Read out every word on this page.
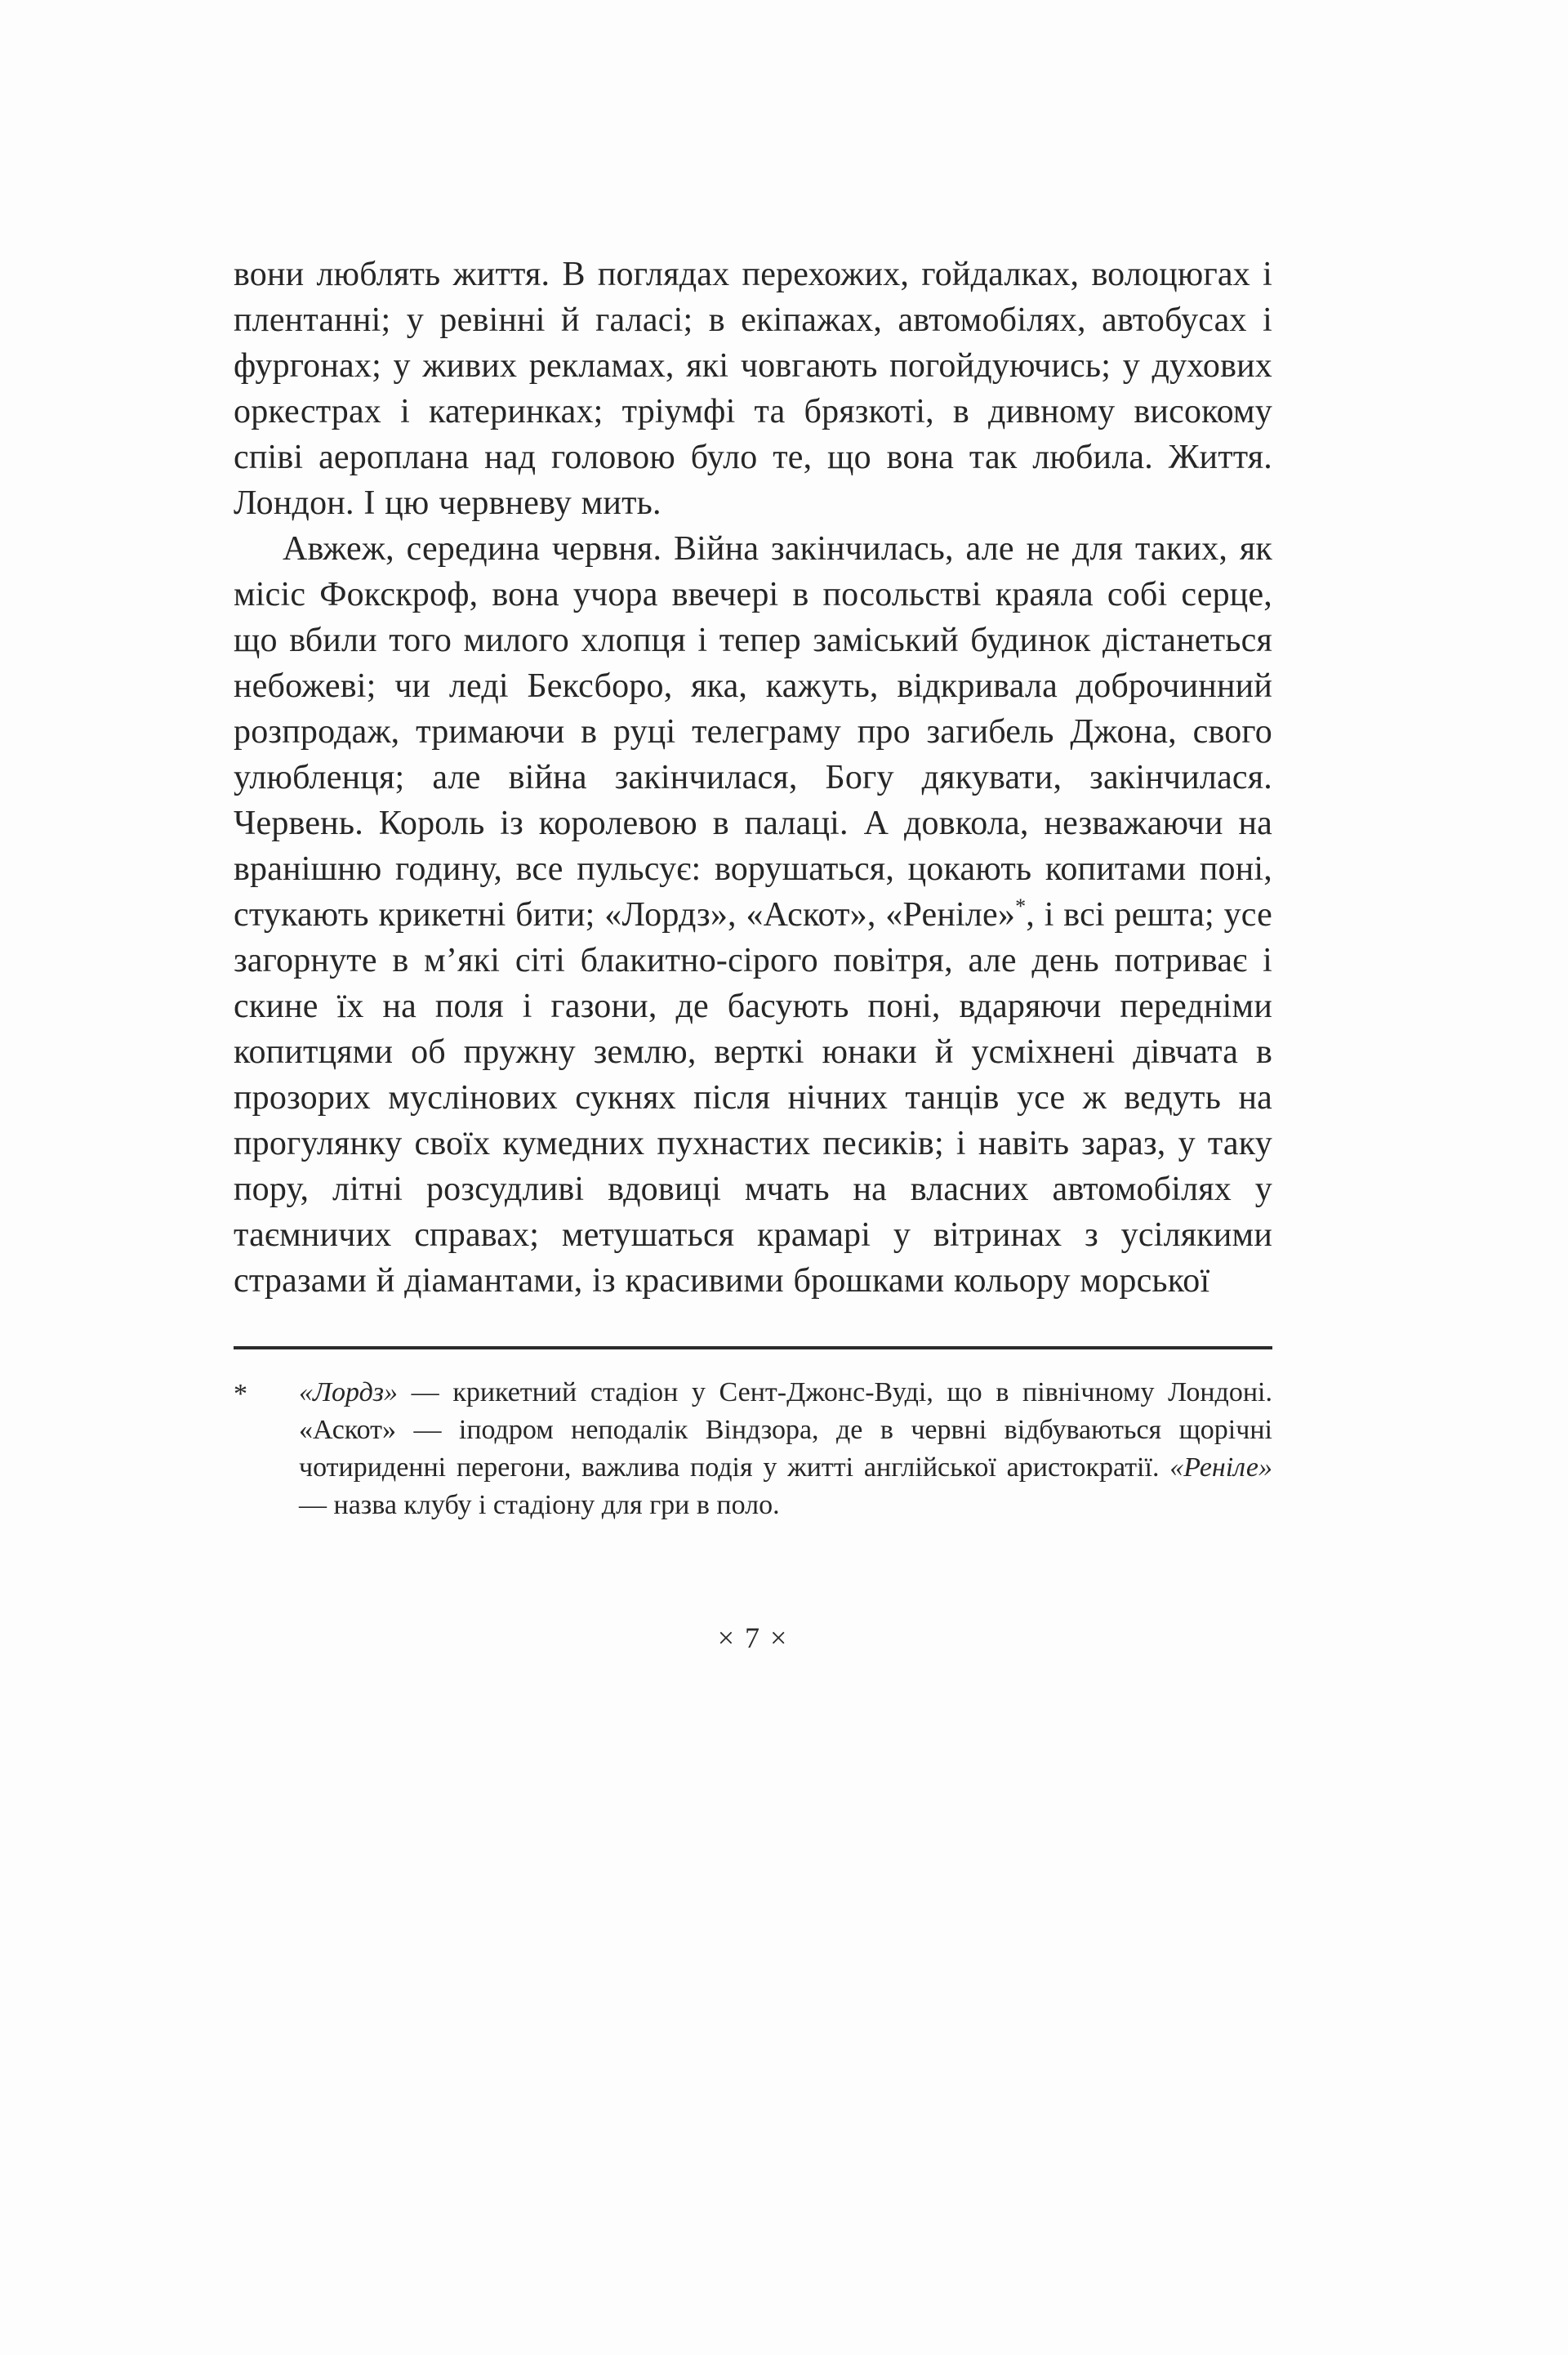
вони люблять життя. В поглядах перехожих, гойдалках, волоцюгах і плентанні; у ревінні й галасі; в екіпажах, автомобілях, автобусах і фургонах; у живих рекламах, які човгають погойдуючись; у духових оркестрах і катеринках; тріумфі та брязкоті, в дивному високому співі аероплана над головою було те, що вона так любила. Життя. Лондон. І цю червневу мить.

Авжеж, середина червня. Війна закінчилась, але не для таких, як місіс Фокскроф, вона учора ввечері в посольстві краяла собі серце, що вбили того милого хлопця і тепер заміський будинок дістанеться небожеві; чи леді Бексборо, яка, кажуть, відкривала доброчинний розпродаж, тримаючи в руці телеграму про загибель Джона, свого улюбленця; але війна закінчилася, Богу дякувати, закінчилася. Червень. Король із королевою в палаці. А довкола, незважаючи на вранішню годину, все пульсує: ворушаться, цокають копитами поні, стукають крикетні бити; «Лордз», «Аскот», «Реніле»*, і всі решта; усе загорнуте в м’які сіті блакитно-сірого повітря, але день потриває і скине їх на поля і газони, де басують поні, вдаряючи передніми копитцями об пружну землю, верткі юнаки й усміхнені дівчата в прозорих муслінових сукнях після нічних танців усе ж ведуть на прогулянку своїх кумедних пухнастих песиків; і навіть зараз, у таку пору, літні розсудливі вдовиці мчать на власних автомобілях у таємничих справах; метушаться крамарі у вітринах з усілякими стразами й діамантами, із красивими брошками кольору морської

*	«Лордз» — крикетний стадіон у Сент-Джонс-Вуді, що в північному Лондоні. «Аскот» — іподром неподалік Віндзора, де в червні відбуваються щорічні чотириденні перегони, важлива подія у житті англійської аристократії. «Реніле» — назва клубу і стадіону для гри в поло.
× 7 ×
